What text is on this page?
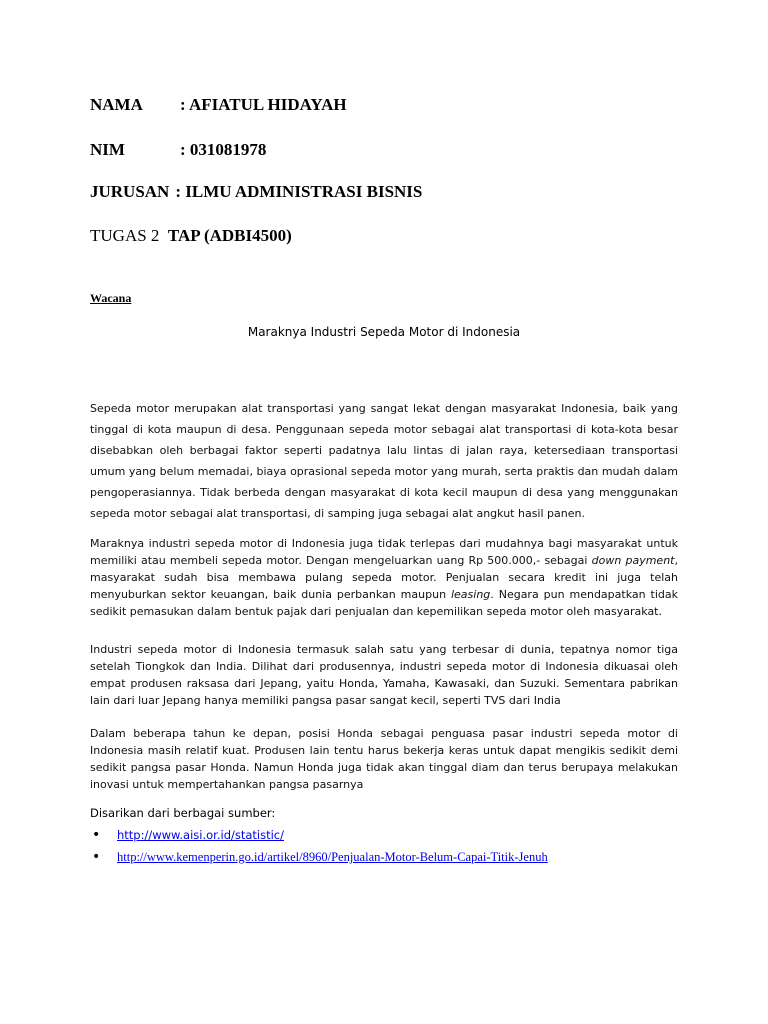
NAMA : AFIATUL HIDAYAH
NIM	: 031081978
JURUSAN : ILMU ADMINISTRASI BISNIS
TUGAS 2 TAP (ADBI4500)
Wacana
Maraknya Industri Sepeda Motor di Indonesia
Sepeda motor merupakan alat transportasi yang sangat lekat dengan masyarakat Indonesia, baik yang tinggal di kota maupun di desa. Penggunaan sepeda motor sebagai alat transportasi di kota-kota besar disebabkan oleh berbagai faktor seperti padatnya lalu lintas di jalan raya, ketersediaan transportasi umum yang belum memadai, biaya oprasional sepeda motor yang murah, serta praktis dan mudah dalam pengoperasiannya. Tidak berbeda dengan masyarakat di kota kecil maupun di desa yang menggunakan sepeda motor sebagai alat transportasi, di samping juga sebagai alat angkut hasil panen.
Maraknya industri sepeda motor di Indonesia juga tidak terlepas dari mudahnya bagi masyarakat untuk memiliki atau membeli sepeda motor. Dengan mengeluarkan uang Rp 500.000,- sebagai down payment, masyarakat sudah bisa membawa pulang sepeda motor. Penjualan secara kredit ini juga telah menyuburkan sektor keuangan, baik dunia perbankan maupun leasing. Negara pun mendapatkan tidak sedikit pemasukan dalam bentuk pajak dari penjualan dan kepemilikan sepeda motor oleh masyarakat.
Industri sepeda motor di Indonesia termasuk salah satu yang terbesar di dunia, tepatnya nomor tiga setelah Tiongkok dan India. Dilihat dari produsennya, industri sepeda motor di Indonesia dikuasai oleh empat produsen raksasa dari Jepang, yaitu Honda, Yamaha, Kawasaki, dan Suzuki. Sementara pabrikan lain dari luar Jepang hanya memiliki pangsa pasar sangat kecil, seperti TVS dari India
Dalam beberapa tahun ke depan, posisi Honda sebagai penguasa pasar industri sepeda motor di Indonesia masih relatif kuat. Produsen lain tentu harus bekerja keras untuk dapat mengikis sedikit demi sedikit pangsa pasar Honda. Namun Honda juga tidak akan tinggal diam dan terus berupaya melakukan inovasi untuk mempertahankan pangsa pasarnya
Disarikan dari berbagai sumber:
• http://www.aisi.or.id/statistic/
• http://www.kemenperin.go.id/artikel/8960/Penjualan-Motor-Belum-Capai-Titik-Jenuh
